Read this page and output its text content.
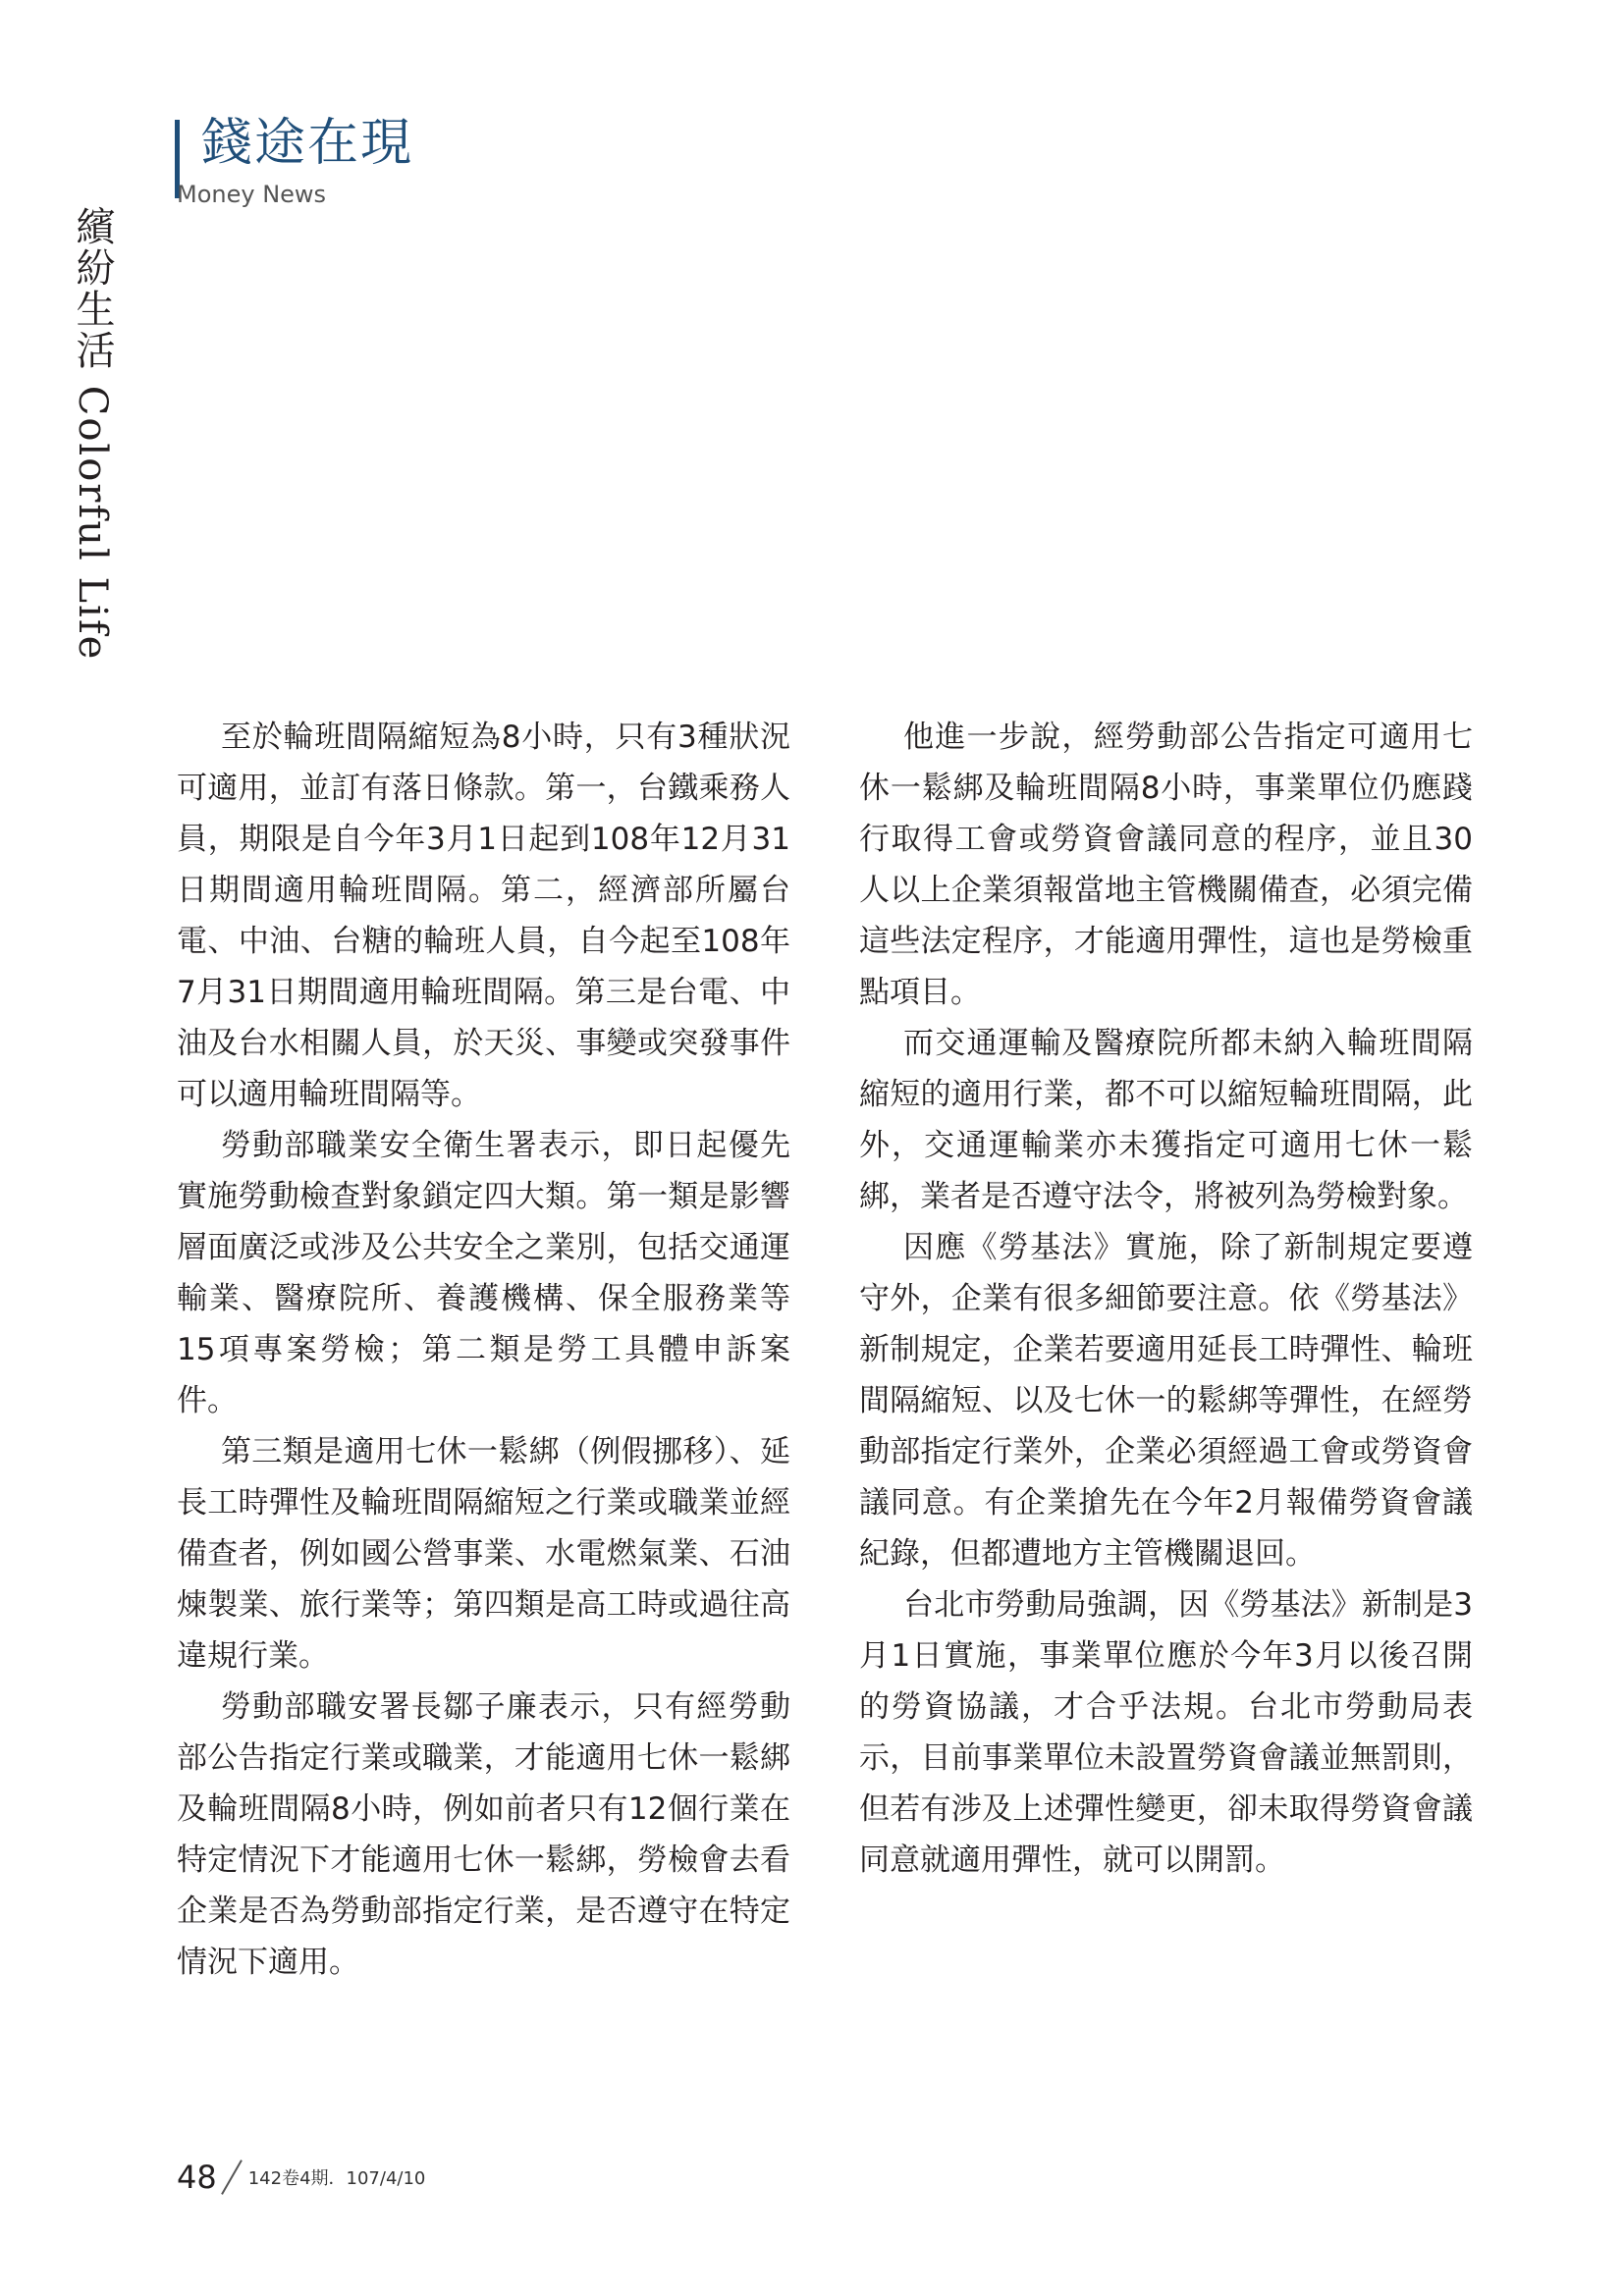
錢途在現
Money News
繽紛生活 Colorful Life

至於輪班間隔縮短為8小時，只有3種狀況可適用，並訂有落日條款。第一，台鐵乘務人員，期限是自今年3月1日起到108年12月31日期間適用輪班間隔。第二，經濟部所屬台電、中油、台糖的輪班人員，自今起至108年7月31日期間適用輪班間隔。第三是台電、中油及台水相關人員，於天災、事變或突發事件可以適用輪班間隔等。

勞動部職業安全衛生署表示，即日起優先實施勞動檢查對象鎖定四大類。第一類是影響層面廣泛或涉及公共安全之業別，包括交通運輸業、醫療院所、養護機構、保全服務業等15項專案勞檢；第二類是勞工具體申訴案件。

第三類是適用七休一鬆綁（例假挪移）、延長工時彈性及輪班間隔縮短之行業或職業並經備查者，例如國公營事業、水電燃氣業、石油煉製業、旅行業等；第四類是高工時或過往高違規行業。

勞動部職安署長鄒子廉表示，只有經勞動部公告指定行業或職業，才能適用七休一鬆綁及輪班間隔8小時，例如前者只有12個行業在特定情況下才能適用七休一鬆綁，勞檢會去看企業是否為勞動部指定行業，是否遵守在特定情況下適用。

他進一步說，經勞動部公告指定可適用七休一鬆綁及輪班間隔8小時，事業單位仍應踐行取得工會或勞資會議同意的程序，並且30人以上企業須報當地主管機關備查，必須完備這些法定程序，才能適用彈性，這也是勞檢重點項目。

而交通運輸及醫療院所都未納入輪班間隔縮短的適用行業，都不可以縮短輪班間隔，此外，交通運輸業亦未獲指定可適用七休一鬆綁，業者是否遵守法令，將被列為勞檢對象。

因應《勞基法》實施，除了新制規定要遵守外，企業有很多細節要注意。依《勞基法》新制規定，企業若要適用延長工時彈性、輪班間隔縮短、以及七休一的鬆綁等彈性，在經勞動部指定行業外，企業必須經過工會或勞資會議同意。有企業搶先在今年2月報備勞資會議紀錄，但都遭地方主管機關退回。

台北市勞動局強調，因《勞基法》新制是3月1日實施，事業單位應於今年3月以後召開的勞資協議，才合乎法規。台北市勞動局表示，目前事業單位未設置勞資會議並無罰則，但若有涉及上述彈性變更，卻未取得勞資會議同意就適用彈性，就可以開罰。

48 142卷4期．107/4/10
